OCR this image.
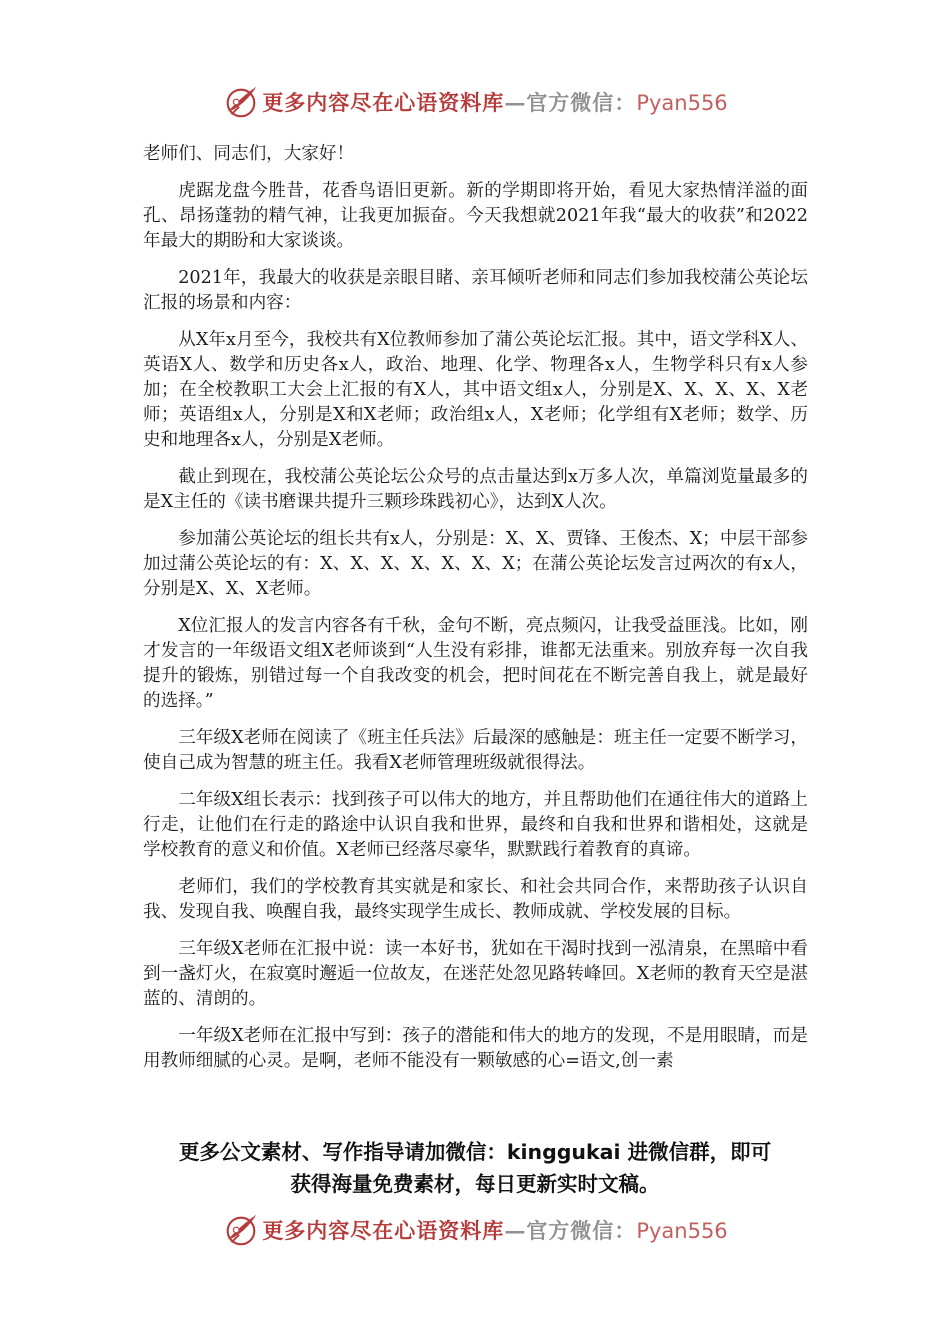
更多内容尽在心语资料库—官方微信：Pyan556

老师们、同志们，大家好！

虎踞龙盘今胜昔，花香鸟语旧更新。新的学期即将开始，看见大家热情洋溢的面孔、昂扬蓬勃的精气神，让我更加振奋。今天我想就2021年我“最大的收获”和2022年最大的期盼和大家谈谈。

2021年，我最大的收获是亲眼目睹、亲耳倾听老师和同志们参加我校蒲公英论坛汇报的场景和内容：

从X年x月至今，我校共有X位教师参加了蒲公英论坛汇报。其中，语文学科X人、英语X人、数学和历史各x人，政治、地理、化学、物理各x人，生物学科只有x人参加；在全校教职工大会上汇报的有X人，其中语文组x人，分别是X、X、X、X、X老师；英语组x人，分别是X和X老师；政治组x人，X老师；化学组有X老师；数学、历史和地理各x人，分别是X老师。

截止到现在，我校蒲公英论坛公众号的点击量达到x万多人次，单篇浏览量最多的是X主任的《读书磨课共提升三颗珍珠践初心》，达到X人次。

参加蒲公英论坛的组长共有x人，分别是：X、X、贾锋、王俊杰、X；中层干部参加过蒲公英论坛的有：X、X、X、X、X、X、X；在蒲公英论坛发言过两次的有x人，分别是X、X、X老师。

X位汇报人的发言内容各有千秋，金句不断，亮点频闪，让我受益匪浅。比如，刚才发言的一年级语文组X老师谈到“人生没有彩排，谁都无法重来。别放弃每一次自我提升的锻炼，别错过每一个自我改变的机会，把时间花在不断完善自我上，就是最好的选择。”

三年级X老师在阅读了《班主任兵法》后最深的感触是：班主任一定要不断学习，使自己成为智慧的班主任。我看X老师管理班级就很得法。

二年级X组长表示：找到孩子可以伟大的地方，并且帮助他们在通往伟大的道路上行走，让他们在行走的路途中认识自我和世界，最终和自我和世界和谐相处，这就是学校教育的意义和价值。X老师已经落尽豪华，默默践行着教育的真谛。

老师们，我们的学校教育其实就是和家长、和社会共同合作，来帮助孩子认识自我、发现自我、唤醒自我，最终实现学生成长、教师成就、学校发展的目标。

三年级X老师在汇报中说：读一本好书，犹如在干渴时找到一泓清泉，在黑暗中看到一盏灯火，在寂寞时邂逅一位故友，在迷茫处忽见路转峰回。X老师的教育天空是湛蓝的、清朗的。

一年级X老师在汇报中写到：孩子的潜能和伟大的地方的发现，不是用眼睛，而是用教师细腻的心灵。是啊，老师不能没有一颗敏感的心=语文,创一素

更多公文素材、写作指导请加微信：kinggukai 进微信群，即可
获得海量免费素材，每日更新实时文稿。
更多内容尽在心语资料库—官方微信：Pyan556
